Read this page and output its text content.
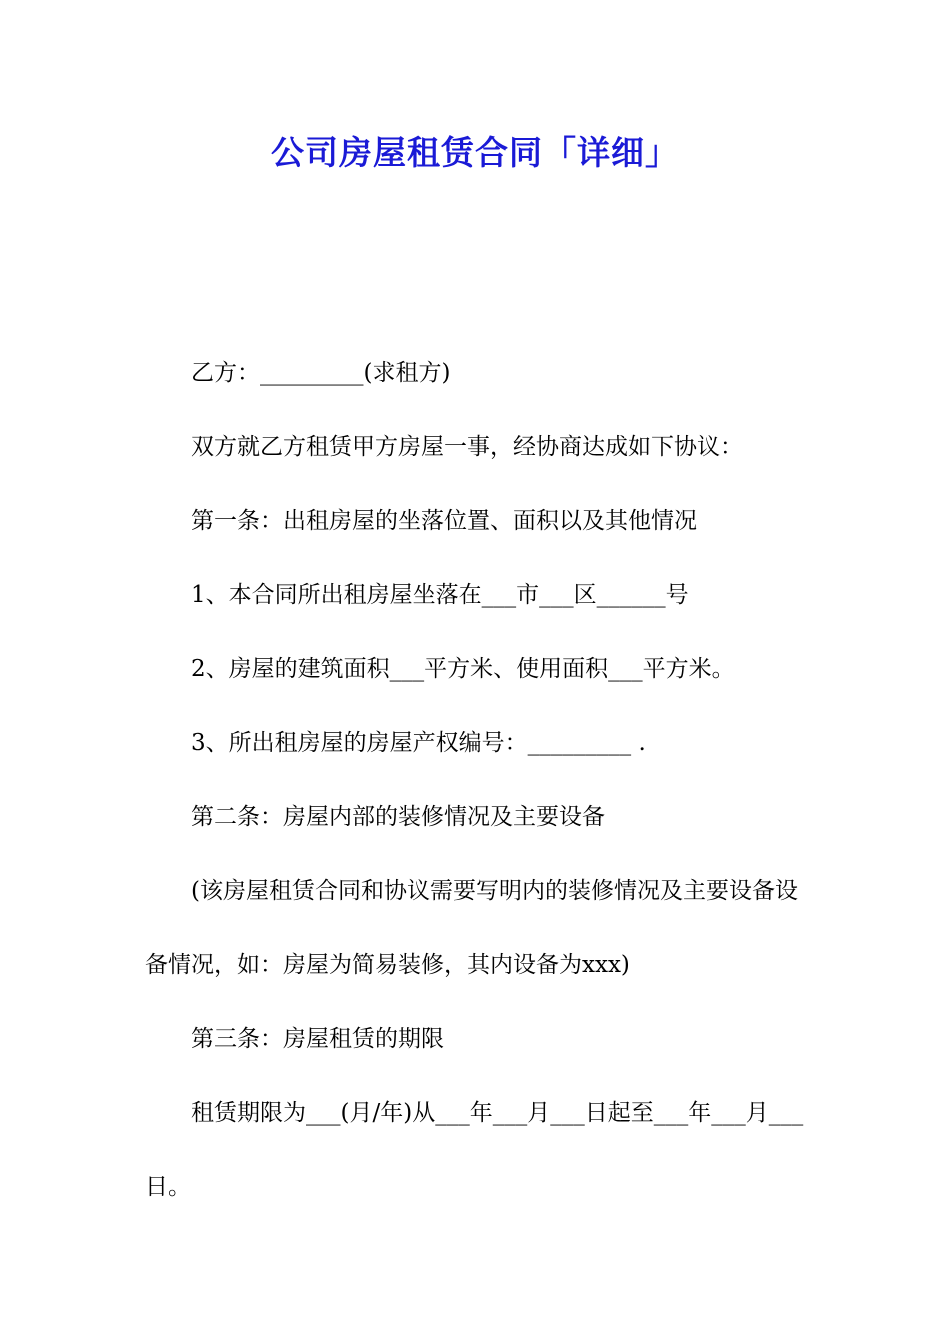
公司房屋租赁合同「详细」

乙方：_________(求租方)

双方就乙方租赁甲方房屋一事，经协商达成如下协议：

第一条：出租房屋的坐落位置、面积以及其他情况

1、本合同所出租房屋坐落在___市___区______号

2、房屋的建筑面积___平方米、使用面积___平方米。

3、所出租房屋的房屋产权编号：_________ .

第二条：房屋内部的装修情况及主要设备

(该房屋租赁合同和协议需要写明内的装修情况及主要设备设备情况，如：房屋为简易装修，其内设备为xxx)

第三条：房屋租赁的期限

租赁期限为___(月/年)从___年___月___日起至___年___月___日。
